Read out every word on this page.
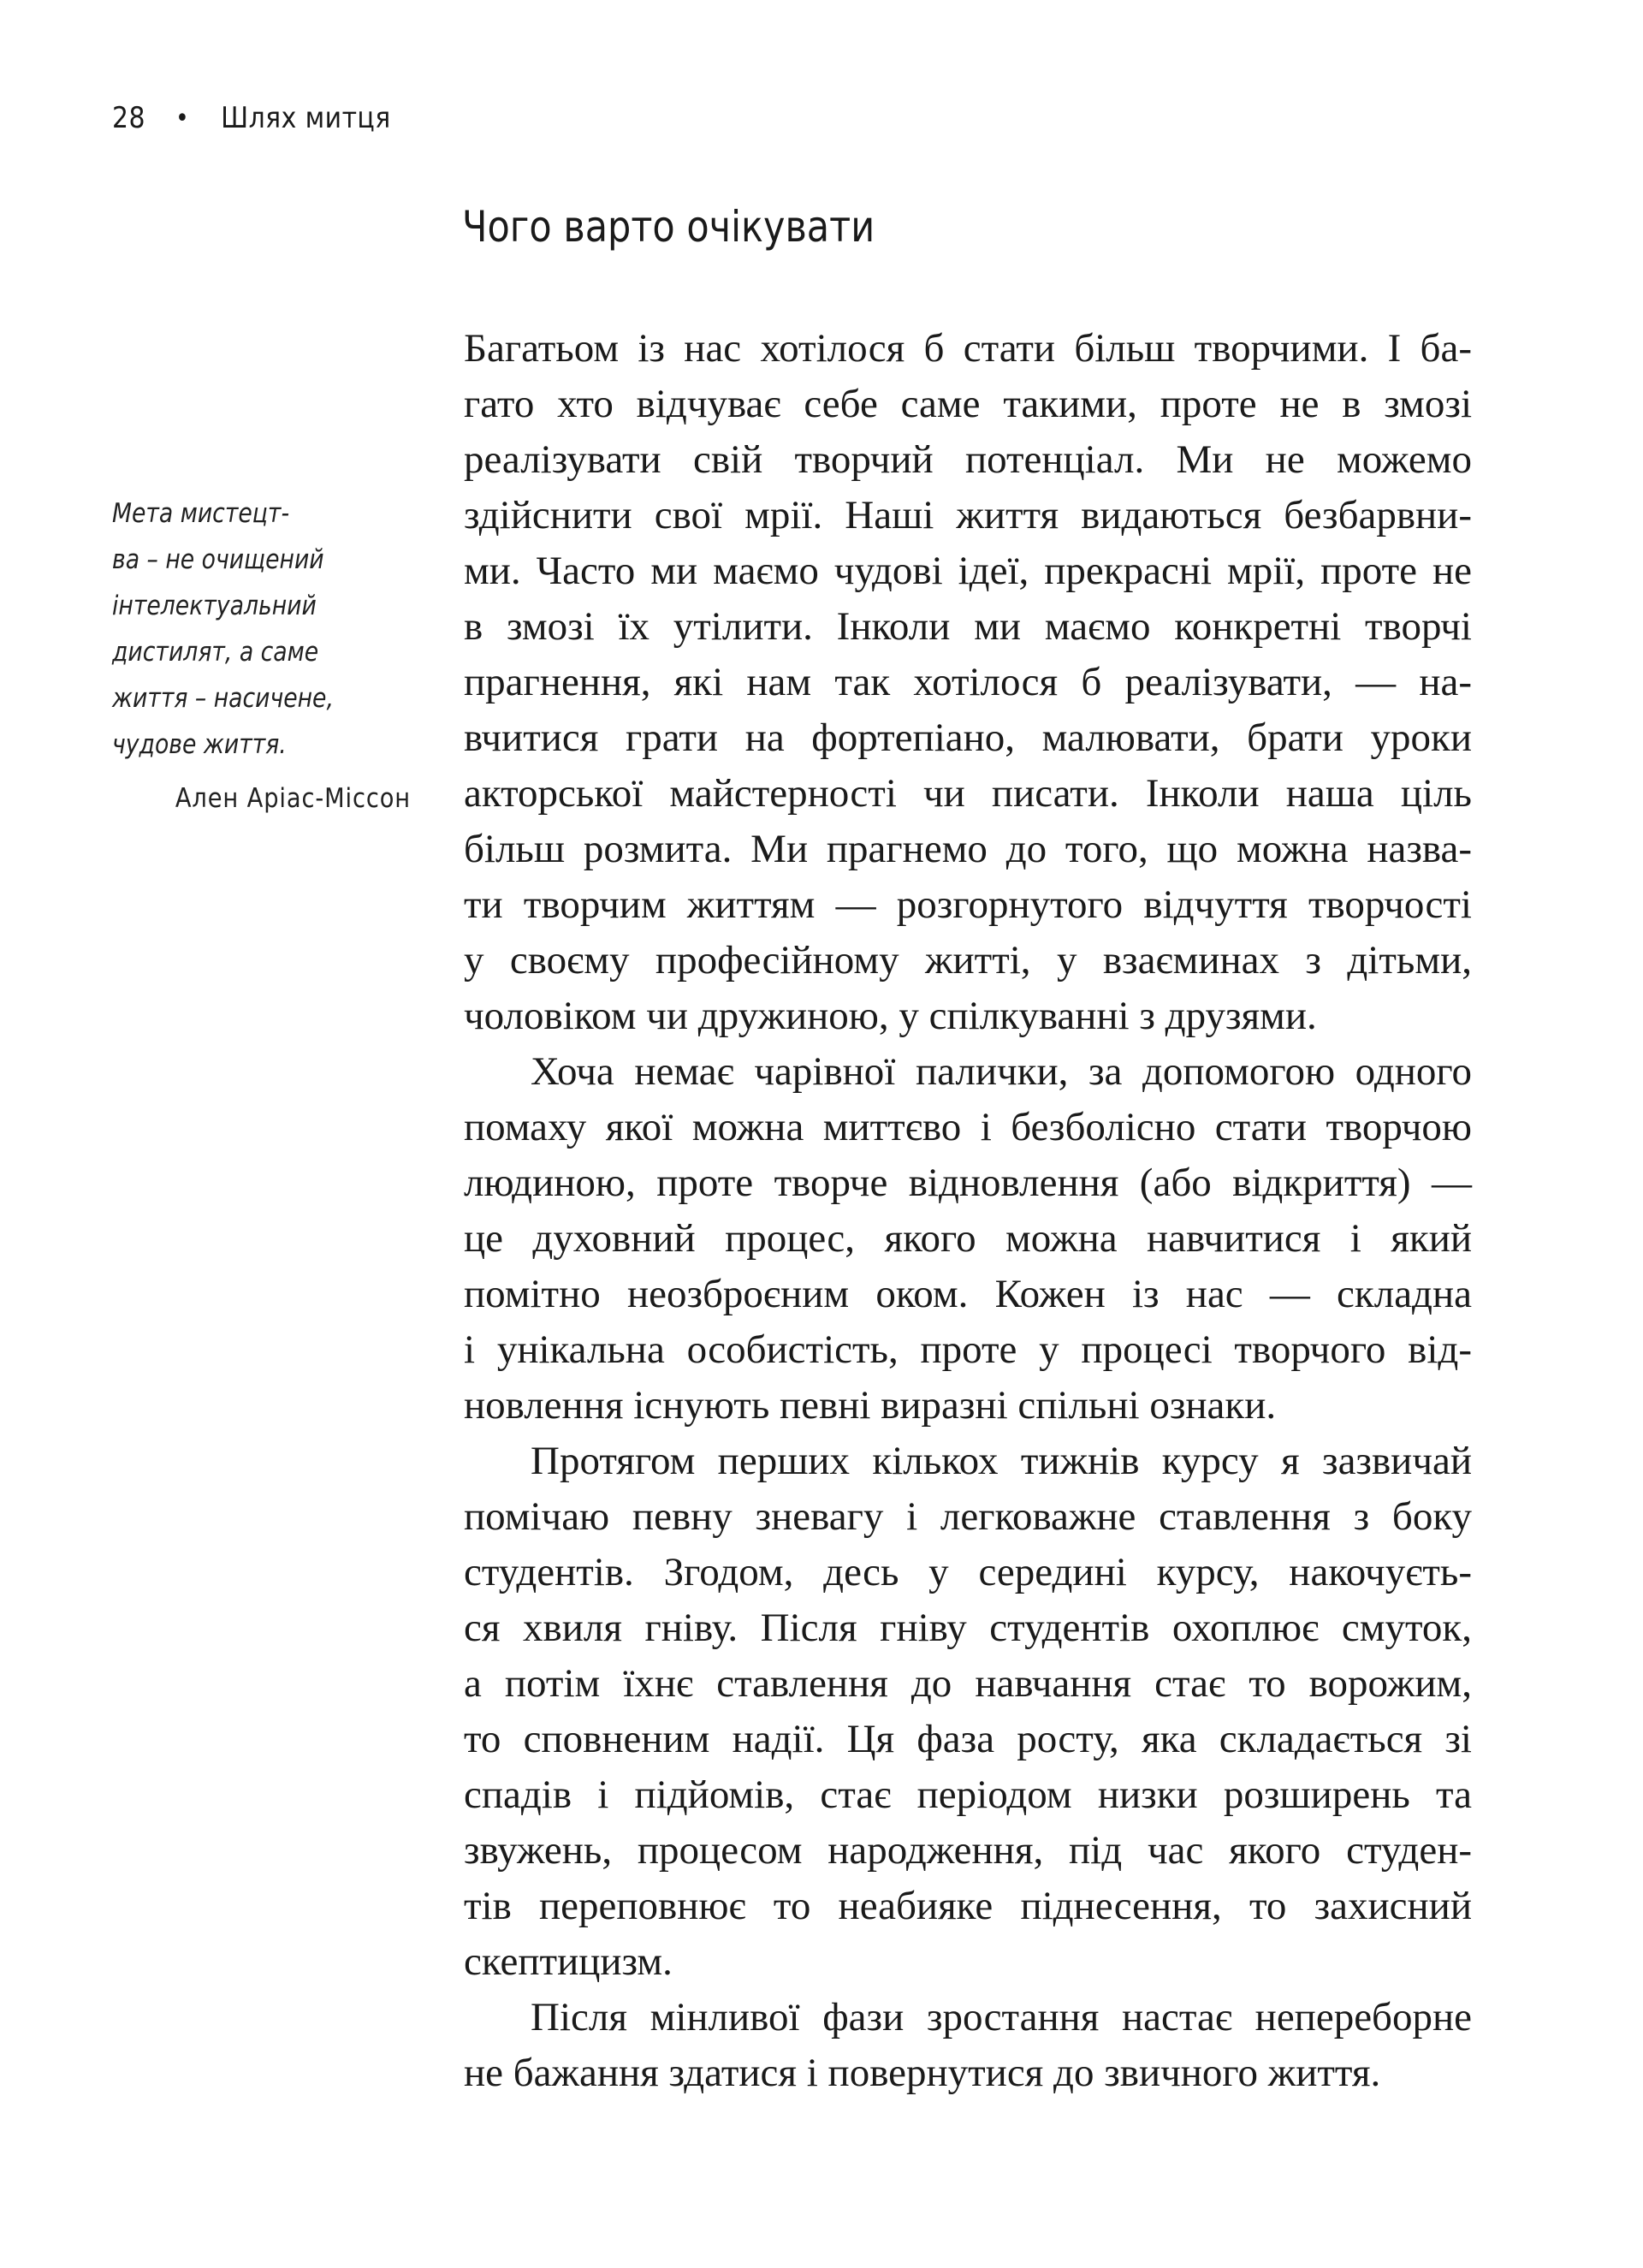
28 • Шлях митця
Чого варто очікувати
Мета мистецт-
ва – не очищений
інтелектуальний
дистилят, а саме
життя – насичене,
чудове життя.
Ален Аріас-Міссон
Багатьом із нас хотілося б стати більш творчими. І ба-
гато хто відчуває себе саме такими, проте не в змозі
реалізувати свій творчий потенціал. Ми не можемо
здійснити свої мрії. Наші життя видаються безбарвни-
ми. Часто ми маємо чудові ідеї, прекрасні мрії, проте не
в змозі їх утілити. Інколи ми маємо конкретні творчі
прагнення, які нам так хотілося б реалізувати, — на-
вчитися грати на фортепіано, малювати, брати уроки
акторської майстерності чи писати. Інколи наша ціль
більш розмита. Ми прагнемо до того, що можна назва-
ти творчим життям — розгорнутого відчуття творчості
у своєму професійному житті, у взаєминах з дітьми,
чоловіком чи дружиною, у спілкуванні з друзями.
Хоча немає чарівної палички, за допомогою одного
помаху якої можна миттєво і безболісно стати творчою
людиною, проте творче відновлення (або відкриття) —
це духовний процес, якого можна навчитися і який
помітно неозброєним оком. Кожен із нас — складна
і унікальна особистість, проте у процесі творчого від-
новлення існують певні виразні спільні ознаки.
Протягом перших кількох тижнів курсу я зазвичай
помічаю певну зневагу і легковажне ставлення з боку
студентів. Згодом, десь у середині курсу, накочуєть-
ся хвиля гніву. Після гніву студентів охоплює смуток,
а потім їхнє ставлення до навчання стає то ворожим,
то сповненим надії. Ця фаза росту, яка складається зі
спадів і підйомів, стає періодом низки розширень та
звужень, процесом народження, під час якого студен-
тів переповнює то неабияке піднесення, то захисний
скептицизм.
Після мінливої фази зростання настає непереборне
не бажання здатися і повернутися до звичного життя.
